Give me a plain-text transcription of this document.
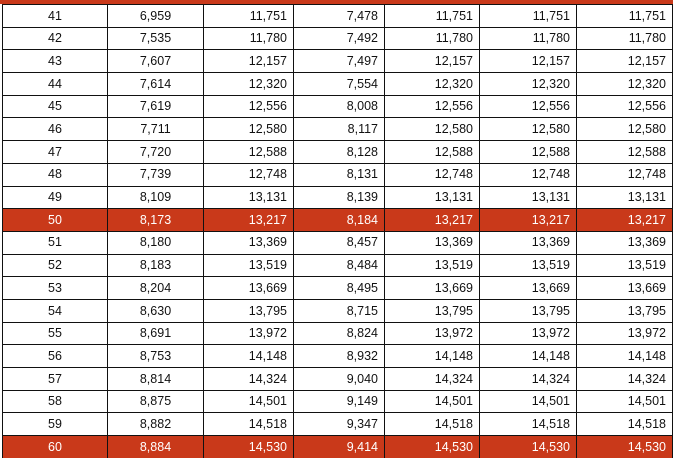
41	6,959	11,751	7,478	11,751	11,751	11,751
42	7,535	11,780	7,492	11,780	11,780	11,780
43	7,607	12,157	7,497	12,157	12,157	12,157
44	7,614	12,320	7,554	12,320	12,320	12,320
45	7,619	12,556	8,008	12,556	12,556	12,556
46	7,711	12,580	8,117	12,580	12,580	12,580
47	7,720	12,588	8,128	12,588	12,588	12,588
48	7,739	12,748	8,131	12,748	12,748	12,748
49	8,109	13,131	8,139	13,131	13,131	13,131
50	8,173	13,217	8,184	13,217	13,217	13,217
51	8,180	13,369	8,457	13,369	13,369	13,369
52	8,183	13,519	8,484	13,519	13,519	13,519
53	8,204	13,669	8,495	13,669	13,669	13,669
54	8,630	13,795	8,715	13,795	13,795	13,795
55	8,691	13,972	8,824	13,972	13,972	13,972
56	8,753	14,148	8,932	14,148	14,148	14,148
57	8,814	14,324	9,040	14,324	14,324	14,324
58	8,875	14,501	9,149	14,501	14,501	14,501
59	8,882	14,518	9,347	14,518	14,518	14,518
60	8,884	14,530	9,414	14,530	14,530	14,530
